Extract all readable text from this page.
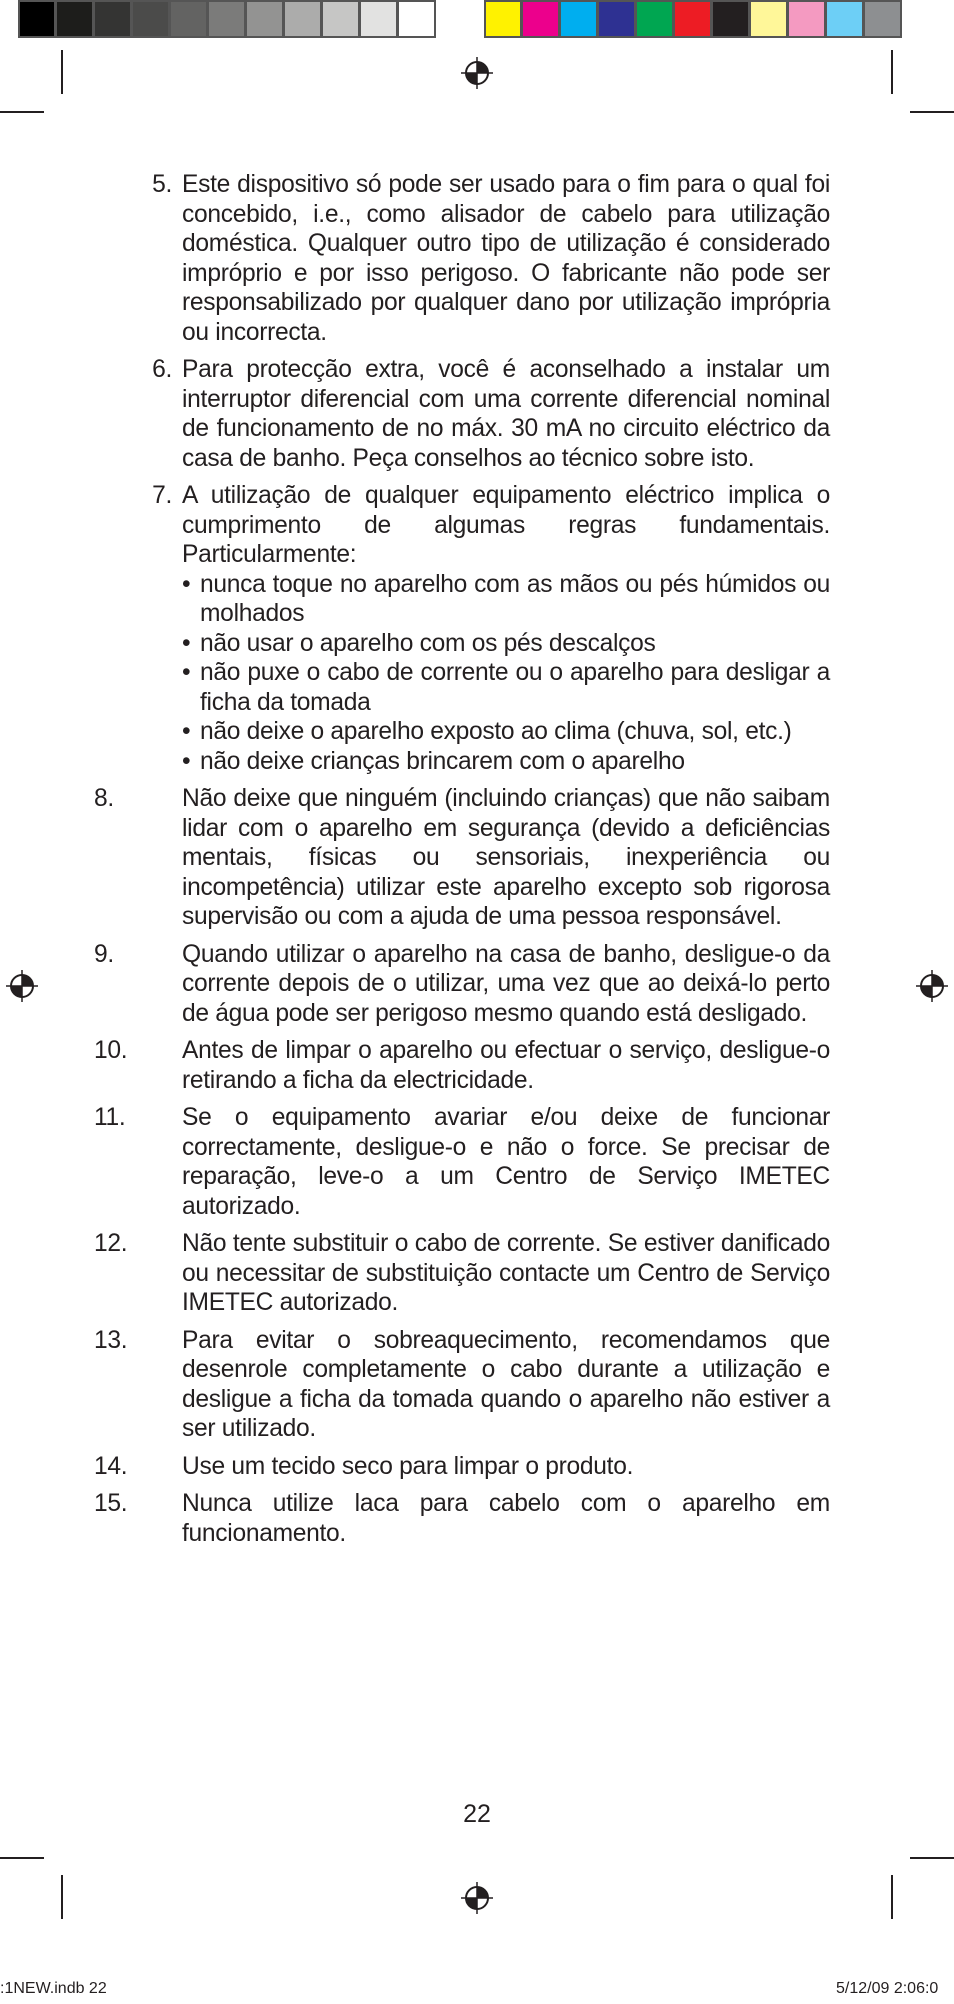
5. Este dispositivo só pode ser usado para o fim para o qual foi concebido, i.e., como alisador de cabelo para utilização doméstica. Qualquer outro tipo de utilização é considerado impróprio e por isso perigoso. O fabricante não pode ser responsabilizado por qualquer dano por utilização imprópria ou incorrecta.

6. Para protecção extra, você é aconselhado a instalar um interruptor diferencial com uma corrente diferencial nominal de funcionamento de no máx. 30 mA no circuito eléctrico da casa de banho. Peça conselhos ao técnico sobre isto.

7. A utilização de qualquer equipamento eléctrico implica o cumprimento de algumas regras fundamentais. Particularmente:

• nunca toque no aparelho com as mãos ou pés húmidos ou molhados
• não usar o aparelho com os pés descalços
• não puxe o cabo de corrente ou o aparelho para desligar a ficha da tomada
• não deixe o aparelho exposto ao clima (chuva, sol, etc.)
• não deixe crianças brincarem com o aparelho
8.	Não deixe que ninguém (incluindo crianças) que não saibam lidar com o aparelho em segurança (devido a deficiências mentais, físicas ou sensoriais, inexperiência ou incompetência) utilizar este aparelho excepto sob rigorosa supervisão ou com a ajuda de uma pessoa responsável.

9.	Quando utilizar o aparelho na casa de banho, desligue-o da corrente depois de o utilizar, uma vez que ao deixá-lo perto de água pode ser perigoso mesmo quando está desligado.

10. Antes de limpar o aparelho ou efectuar o serviço, desligue-o retirando a ficha da electricidade.

11. Se o equipamento avariar e/ou deixe de funcionar correctamente, desligue-o e não o force. Se precisar de reparação, leve-o a um Centro de Serviço IMETEC autorizado.

12. Não tente substituir o cabo de corrente. Se estiver danificado ou necessitar de substituição contacte um Centro de Serviço IMETEC autorizado.

13. Para evitar o sobreaquecimento, recomendamos que desenrole completamente o cabo durante a utilização e desligue a ficha da tomada quando o aparelho não estiver a ser utilizado.

14. Use um tecido seco para limpar o produto.

15. Nunca utilize laca para cabelo com o aparelho em funcionamento.

22
:1NEW.indb 22	5/12/09 2:06:0
